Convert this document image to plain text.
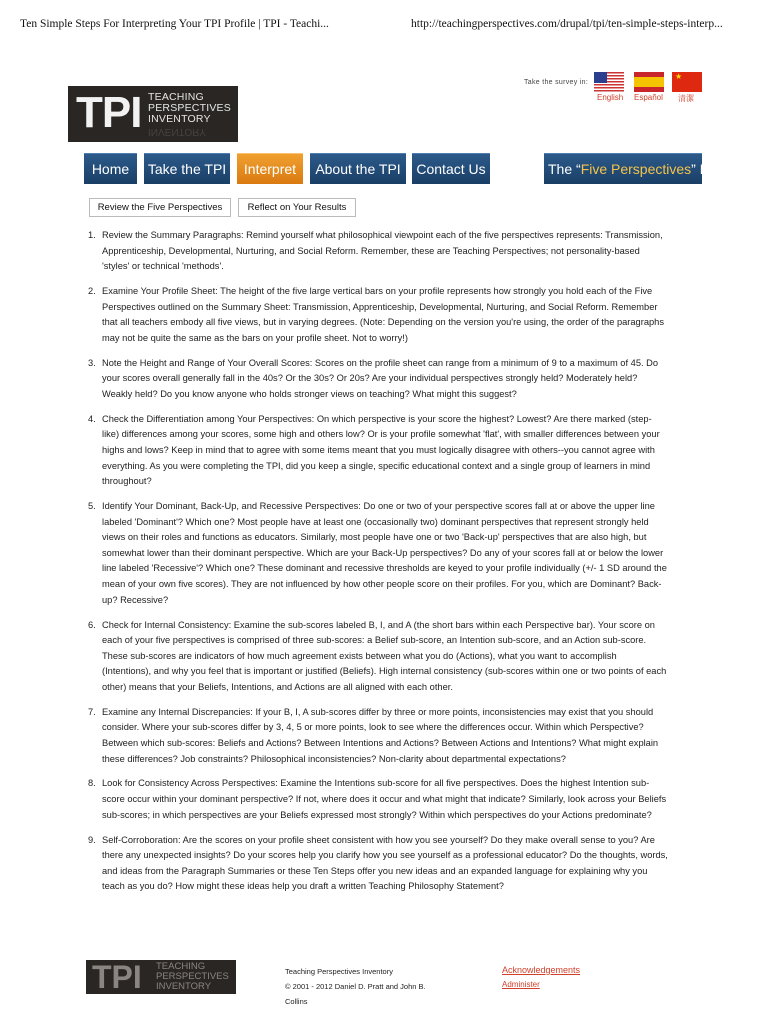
Ten Simple Steps For Interpreting Your TPI Profile | TPI - Teachi...	http://teachingperspectives.com/drupal/tpi/ten-simple-steps-interp...
TPI TEACHING
PERSPECTIVES
INVENTORY
INVENTORY
Take the survey in:
★
English Español 清潔
Home	Take the TPI	Interpret	About the TPI	Contact Us	The “Five Perspectives” Boo
Review the Five Perspectives	Reflect on Your Results
1. Review the Summary Paragraphs: Remind yourself what philosophical viewpoint each of the five perspectives represents: Transmission, Apprenticeship, Developmental, Nurturing, and Social Reform. Remember, these are Teaching Perspectives; not personality-based 'styles' or technical 'methods'.
2. Examine Your Profile Sheet: The height of the five large vertical bars on your profile represents how strongly you hold each of the Five Perspectives outlined on the Summary Sheet: Transmission, Apprenticeship, Developmental, Nurturing, and Social Reform. Remember that all teachers embody all five views, but in varying degrees. (Note: Depending on the version you're using, the order of the paragraphs may not be quite the same as the bars on your profile sheet. Not to worry!)
3. Note the Height and Range of Your Overall Scores: Scores on the profile sheet can range from a minimum of 9 to a maximum of 45. Do your scores overall generally fall in the 40s? Or the 30s? Or 20s? Are your individual perspectives strongly held? Moderately held? Weakly held? Do you know anyone who holds stronger views on teaching? What might this suggest?
4. Check the Differentiation among Your Perspectives: On which perspective is your score the highest? Lowest? Are there marked (step-like) differences among your scores, some high and others low? Or is your profile somewhat 'flat', with smaller differences between your highs and lows? Keep in mind that to agree with some items meant that you must logically disagree with others--you cannot agree with everything. As you were completing the TPI, did you keep a single, specific educational context and a single group of learners in mind throughout?
5. Identify Your Dominant, Back-Up, and Recessive Perspectives: Do one or two of your perspective scores fall at or above the upper line labeled 'Dominant'? Which one? Most people have at least one (occasionally two) dominant perspectives that represent strongly held views on their roles and functions as educators. Similarly, most people have one or two 'Back-up' perspectives that are also high, but somewhat lower than their dominant perspective. Which are your Back-Up perspectives? Do any of your scores fall at or below the lower line labeled 'Recessive'? Which one? These dominant and recessive thresholds are keyed to your profile individually (+/- 1 SD around the mean of your own five scores). They are not influenced by how other people score on their profiles. For you, which are Dominant? Back-up? Recessive?
6. Check for Internal Consistency: Examine the sub-scores labeled B, I, and A (the short bars within each Perspective bar). Your score on each of your five perspectives is comprised of three sub-scores: a Belief sub-score, an Intention sub-score, and an Action sub-score. These sub-scores are indicators of how much agreement exists between what you do (Actions), what you want to accomplish (Intentions), and why you feel that is important or justified (Beliefs). High internal consistency (sub-scores within one or two points of each other) means that your Beliefs, Intentions, and Actions are all aligned with each other.
7. Examine any Internal Discrepancies: If your B, I, A sub-scores differ by three or more points, inconsistencies may exist that you should consider. Where your sub-scores differ by 3, 4, 5 or more points, look to see where the differences occur. Within which Perspective? Between which sub-scores: Beliefs and Actions? Between Intentions and Actions? Between Actions and Intentions? What might explain these differences? Job constraints? Philosophical inconsistencies? Non-clarity about departmental expectations?
8. Look for Consistency Across Perspectives: Examine the Intentions sub-score for all five perspectives. Does the highest Intention sub-score occur within your dominant perspective? If not, where does it occur and what might that indicate? Similarly, look across your Beliefs sub-scores; in which perspectives are your Beliefs expressed most strongly? Within which perspectives do your Actions predominate?
9. Self-Corroboration: Are the scores on your profile sheet consistent with how you see yourself? Do they make overall sense to you? Are there any unexpected insights? Do your scores help you clarify how you see yourself as a professional educator? Do the thoughts, words, and ideas from the Paragraph Summaries or these Ten Steps offer you new ideas and an expanded language for explaining why you teach as you do? How might these ideas help you draft a written Teaching Philosophy Statement?
TPI TEACHING
PERSPECTIVES
INVENTORY
Teaching Perspectives Inventory
© 2001 - 2012 Daniel D. Pratt and John B. Collins
Acknowledgements
Administer
